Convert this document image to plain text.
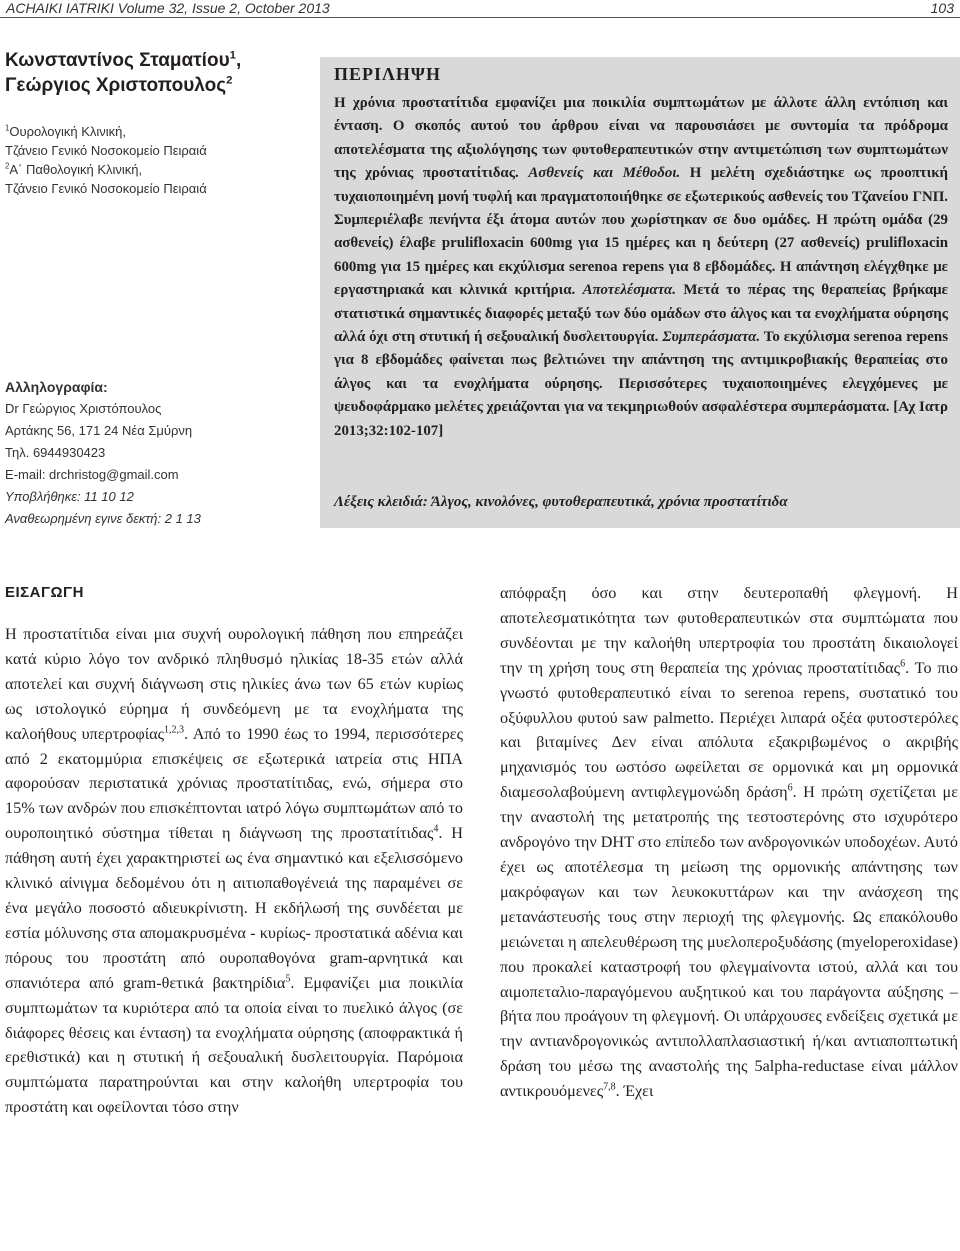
ACHAIKI IATRIKI Volume 32, Issue 2, October 2013	103
Κωνσταντίνος Σταματίου$^1$,
Γεώργιος Χριστοπουλος$^2$
$^1$Ουρολογική Κλινική,
Τζάνειο Γενικό Νοσοκομείο Πειραιά
$^2$Α΄ Παθολογική Κλινική,
Τζάνειο Γενικό Νοσοκομείο Πειραιά
Αλληλογραφία:
Dr Γεώργιος Χριστόπουλος
Αρτάκης 56, 171 24 Νέα Σμύρνη
Τηλ. 6944930423
E-mail: drchristog@gmail.com
Υποβλήθηκε: 11 10 12
Αναθεωρημένη εγινε δεκτή: 2 1 13
ΠΕΡΙΛΗΨΗ
Η χρόνια προστατίτιδα εμφανίζει μια ποικιλία συμπτωμάτων με άλλοτε άλλη εντόπιση και ένταση. Ο σκοπός αυτού του άρθρου είναι να παρουσιάσει με συντομία τα πρόδρομα αποτελέσματα της αξιολόγησης των φυτοθεραπευτικών στην αντιμετώπιση των συμπτωμάτων της χρόνιας προστατίτιδας. Ασθενείς και Μέθοδοι. Η μελέτη σχεδιάστηκε ως προοπτική τυχαιοποιημένη μονή τυφλή και πραγματοποιήθηκε σε εξωτερικούς ασθενείς του Τζανείου ΓΝΠ. Συμπεριέλαβε πενήντα έξι άτομα αυτών που χωρίστηκαν σε δυο ομάδες. Η πρώτη ομάδα (29 ασθενείς) έλαβε prulifloxacin 600mg για 15 ημέρες και η δεύτερη (27 ασθενείς) prulifloxacin 600mg για 15 ημέρες και εκχύλισμα serenoa repens για 8 εβδομάδες. Η απάντηση ελέγχθηκε με εργαστηριακά και κλινικά κριτήρια. Αποτελέσματα. Μετά το πέρας της θεραπείας βρήκαμε στατιστικά σημαντικές διαφορές μεταξύ των δύο ομάδων στο άλγος και τα ενοχλήματα ούρησης αλλά όχι στη στυτική ή σεξουαλική δυσλειτουργία. Συμπεράσματα. Το εκχύλισμα serenoa repens για 8 εβδομάδες φαίνεται πως βελτιώνει την απάντηση της αντιμικροβιακής θεραπείας στο άλγος και τα ενοχλήματα ούρησης. Περισσότερες τυχαιοποιημένες ελεγχόμενες με ψευδοφάρμακο μελέτες χρειάζονται για να τεκμηριωθούν ασφαλέστερα συμπεράσματα. [Αχ Ιατρ 2013;32:102-107]
Λέξεις κλειδιά: Άλγος, κινολόνες, φυτοθεραπευτικά, χρόνια προστατίτιδα
ΕΙΣΑΓΩΓΗ
Η προστατίτιδα είναι μια συχνή ουρολογική πάθηση που επηρεάζει κατά κύριο λόγο τον ανδρικό πληθυσμό ηλικίας 18-35 ετών αλλά αποτελεί και συχνή διάγνωση στις ηλικίες άνω των 65 ετών κυρίως ως ιστολογικό εύρημα ή συνδεόμενη με τα ενοχλήματα της καλοήθους υπερτροφίας$^{1,2,3}$. Από το 1990 έως το 1994, περισσότερες από 2 εκατομμύρια επισκέψεις σε εξωτερικά ιατρεία στις ΗΠΑ αφορούσαν περιστατικά χρόνιας προστατίτιδας, ενώ, σήμερα στο 15% των ανδρών που επισκέπτονται ιατρό λόγω συμπτωμάτων από το ουροποιητικό σύστημα τίθεται η διάγνωση της προστατίτιδας$^4$. Η πάθηση αυτή έχει χαρακτηριστεί ως ένα σημαντικό και εξελισσόμενο κλινικό αίνιγμα δεδομένου ότι η αιτιοπαθογένειά της παραμένει σε ένα μεγάλο ποσοστό αδιευκρίνιστη. Η εκδήλωσή της συνδέεται με εστία μόλυνσης στα απομακρυσμένα - κυρίως- προστατικά αδένια και πόρους του προστάτη από ουροπαθογόνα gram-αρνητικά και σπανιότερα από gram-θετικά βακτηρίδια$^5$. Εμφανίζει μια ποικιλία συμπτωμάτων τα κυριότερα από τα οποία είναι το πυελικό άλγος (σε διάφορες θέσεις και ένταση) τα ενοχλήματα ούρησης (αποφρακτικά ή ερεθιστικά) και η στυτική ή σεξουαλική δυσλειτουργία. Παρόμοια συμπτώματα παρατηρούνται και στην καλοήθη υπερτροφία του προστάτη και οφείλονται τόσο στην
απόφραξη όσο και στην δευτεροπαθή φλεγμονή. Η αποτελεσματικότητα των φυτοθεραπευτικών στα συμπτώματα που συνδέονται με την καλοήθη υπερτροφία του προστάτη δικαιολογεί την τη χρήση τους στη θεραπεία της χρόνιας προστατίτιδας$^6$. Το πιο γνωστό φυτοθεραπευτικό είναι το serenoa repens, συστατικό του οξύφυλλου φυτού saw palmetto. Περιέχει λιπαρά οξέα φυτοστερόλες και βιταμίνες Δεν είναι απόλυτα εξακριβωμένος ο ακριβής μηχανισμός του ωστόσο ωφείλεται σε ορμονικά και μη ορμονικά διαμεσολαβούμενη αντιφλεγμονώδη δράση$^6$. Η πρώτη σχετίζεται με την αναστολή της μετατροπής της τεστοστερόνης στο ισχυρότερο ανδρογόνο την DHT στο επίπεδο των ανδρογονικών υποδοχέων. Αυτό έχει ως αποτέλεσμα τη μείωση της ορμονικής απάντησης των μακρόφαγων και των λευκοκυττάρων και την ανάσχεση της μετανάστευσής τους στην περιοχή της φλεγμονής. Ως επακόλουθο μειώνεται η απελευθέρωση της μυελοπεροξυδάσης (myeloperoxidase) που προκαλεί καταστροφή του φλεγμαίνοντα ιστού, αλλά και του αιμοπεταλιο-παραγόμενου αυξητικού και του παράγοντα αύξησης –βήτα που προάγουν τη φλεγμονή. Οι υπάρχουσες ενδείξεις σχετικά με την αντιανδρογονικώς αντιπολλαπλασιαστική ή/και αντιαποπτωτική δράση του μέσω της αναστολής της 5alpha-reductase είναι μάλλον αντικρουόμενες$^{7,8}$. Έχει
